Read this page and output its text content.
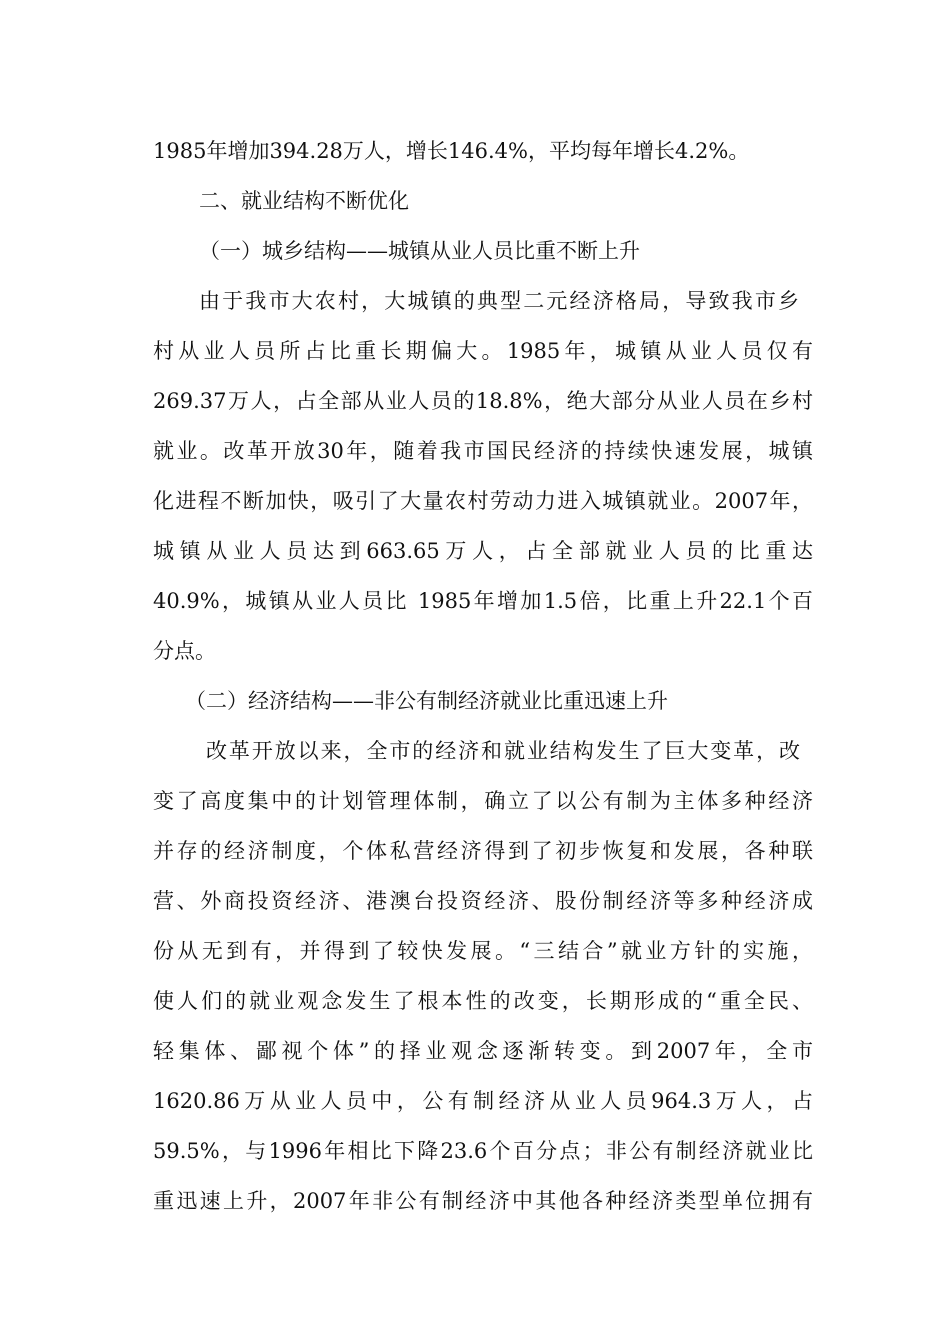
1985年增加394.28万人，增长146.4%，平均每年增长4.2%。
二、就业结构不断优化
（一）城乡结构——城镇从业人员比重不断上升
由于我市大农村，大城镇的典型二元经济格局，导致我市乡
村从业人员所占比重长期偏大。1985年，城镇从业人员仅有
269.37万人，占全部从业人员的18.8%，绝大部分从业人员在乡村
就业。改革开放30年，随着我市国民经济的持续快速发展，城镇
化进程不断加快，吸引了大量农村劳动力进入城镇就业。2007年，
城镇从业人员达到663.65万人，占全部就业人员的比重达
40.9%，城镇从业人员比 1985年增加1.5倍，比重上升22.1个百
分点。
（二）经济结构——非公有制经济就业比重迅速上升
改革开放以来，全市的经济和就业结构发生了巨大变革，改
变了高度集中的计划管理体制，确立了以公有制为主体多种经济
并存的经济制度，个体私营经济得到了初步恢复和发展，各种联
营、外商投资经济、港澳台投资经济、股份制经济等多种经济成
份从无到有，并得到了较快发展。“三结合”就业方针的实施，
使人们的就业观念发生了根本性的改变，长期形成的“重全民、
轻集体、鄙视个体”的择业观念逐渐转变。到2007年，全市
1620.86万从业人员中，公有制经济从业人员964.3万人，占
59.5%，与1996年相比下降23.6个百分点；非公有制经济就业比
重迅速上升，2007年非公有制经济中其他各种经济类型单位拥有
